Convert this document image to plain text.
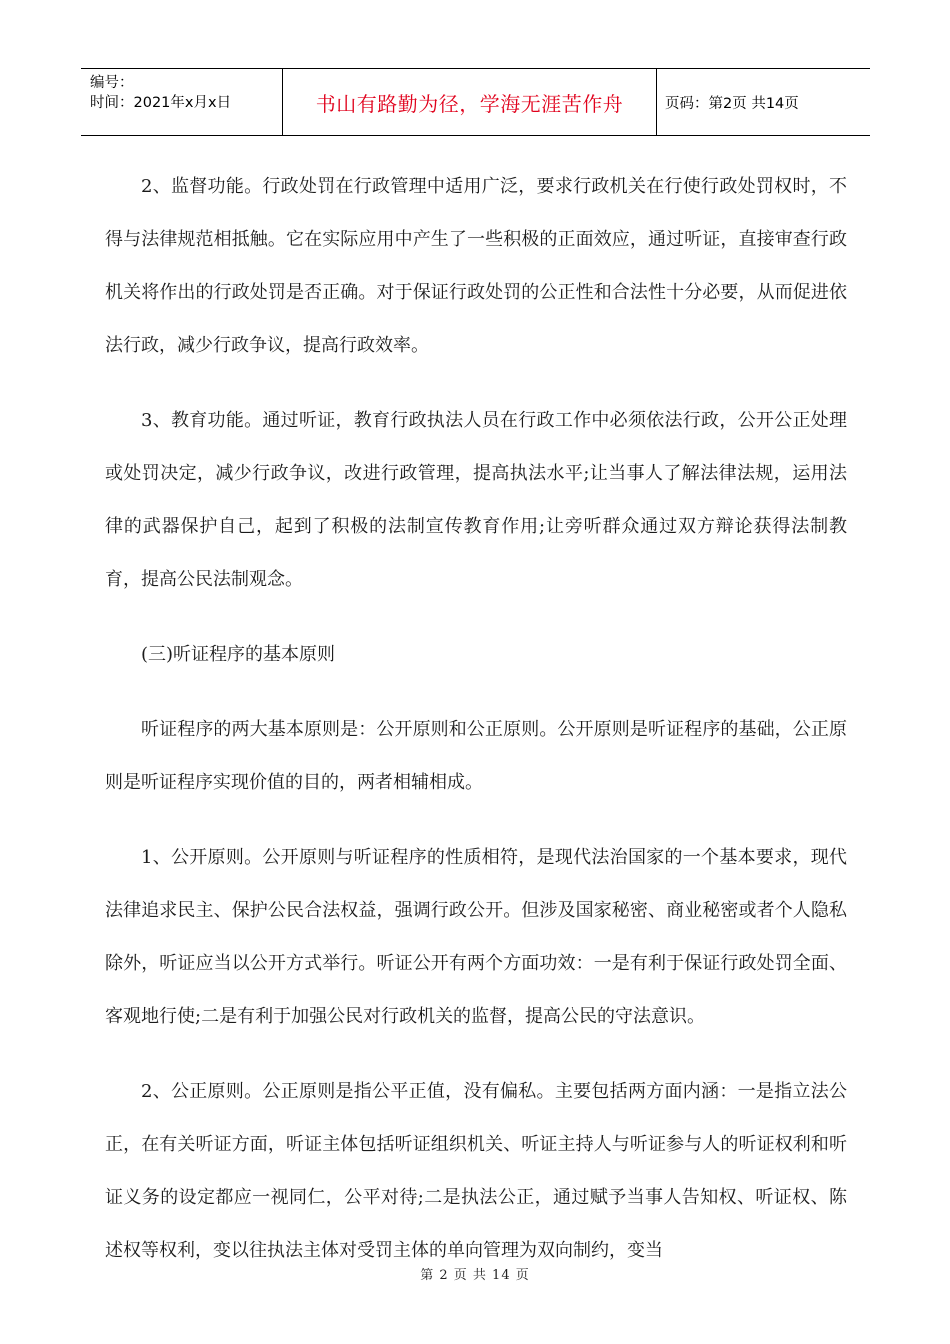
编号：
时间：2021年x月x日	书山有路勤为径，学海无涯苦作舟	页码：第2页 共14页

2、监督功能。行政处罚在行政管理中适用广泛，要求行政机关在行使行政处罚权时，不得与法律规范相抵触。它在实际应用中产生了一些积极的正面效应，通过听证，直接审查行政机关将作出的行政处罚是否正确。对于保证行政处罚的公正性和合法性十分必要，从而促进依法行政，减少行政争议，提高行政效率。

3、教育功能。通过听证，教育行政执法人员在行政工作中必须依法行政，公开公正处理或处罚决定，减少行政争议，改进行政管理，提高执法水平;让当事人了解法律法规，运用法律的武器保护自己，起到了积极的法制宣传教育作用;让旁听群众通过双方辩论获得法制教育，提高公民法制观念。

(三)听证程序的基本原则

听证程序的两大基本原则是：公开原则和公正原则。公开原则是听证程序的基础，公正原则是听证程序实现价值的目的，两者相辅相成。

1、公开原则。公开原则与听证程序的性质相符，是现代法治国家的一个基本要求，现代法律追求民主、保护公民合法权益，强调行政公开。但涉及国家秘密、商业秘密或者个人隐私除外，听证应当以公开方式举行。听证公开有两个方面功效：一是有利于保证行政处罚全面、客观地行使;二是有利于加强公民对行政机关的监督，提高公民的守法意识。

2、公正原则。公正原则是指公平正值，没有偏私。主要包括两方面内涵：一是指立法公正，在有关听证方面，听证主体包括听证组织机关、听证主持人与听证参与人的听证权利和听证义务的设定都应一视同仁，公平对待;二是执法公正，通过赋予当事人告知权、听证权、陈述权等权利，变以往执法主体对受罚主体的单向管理为双向制约，变当

第 2 页 共 14 页
